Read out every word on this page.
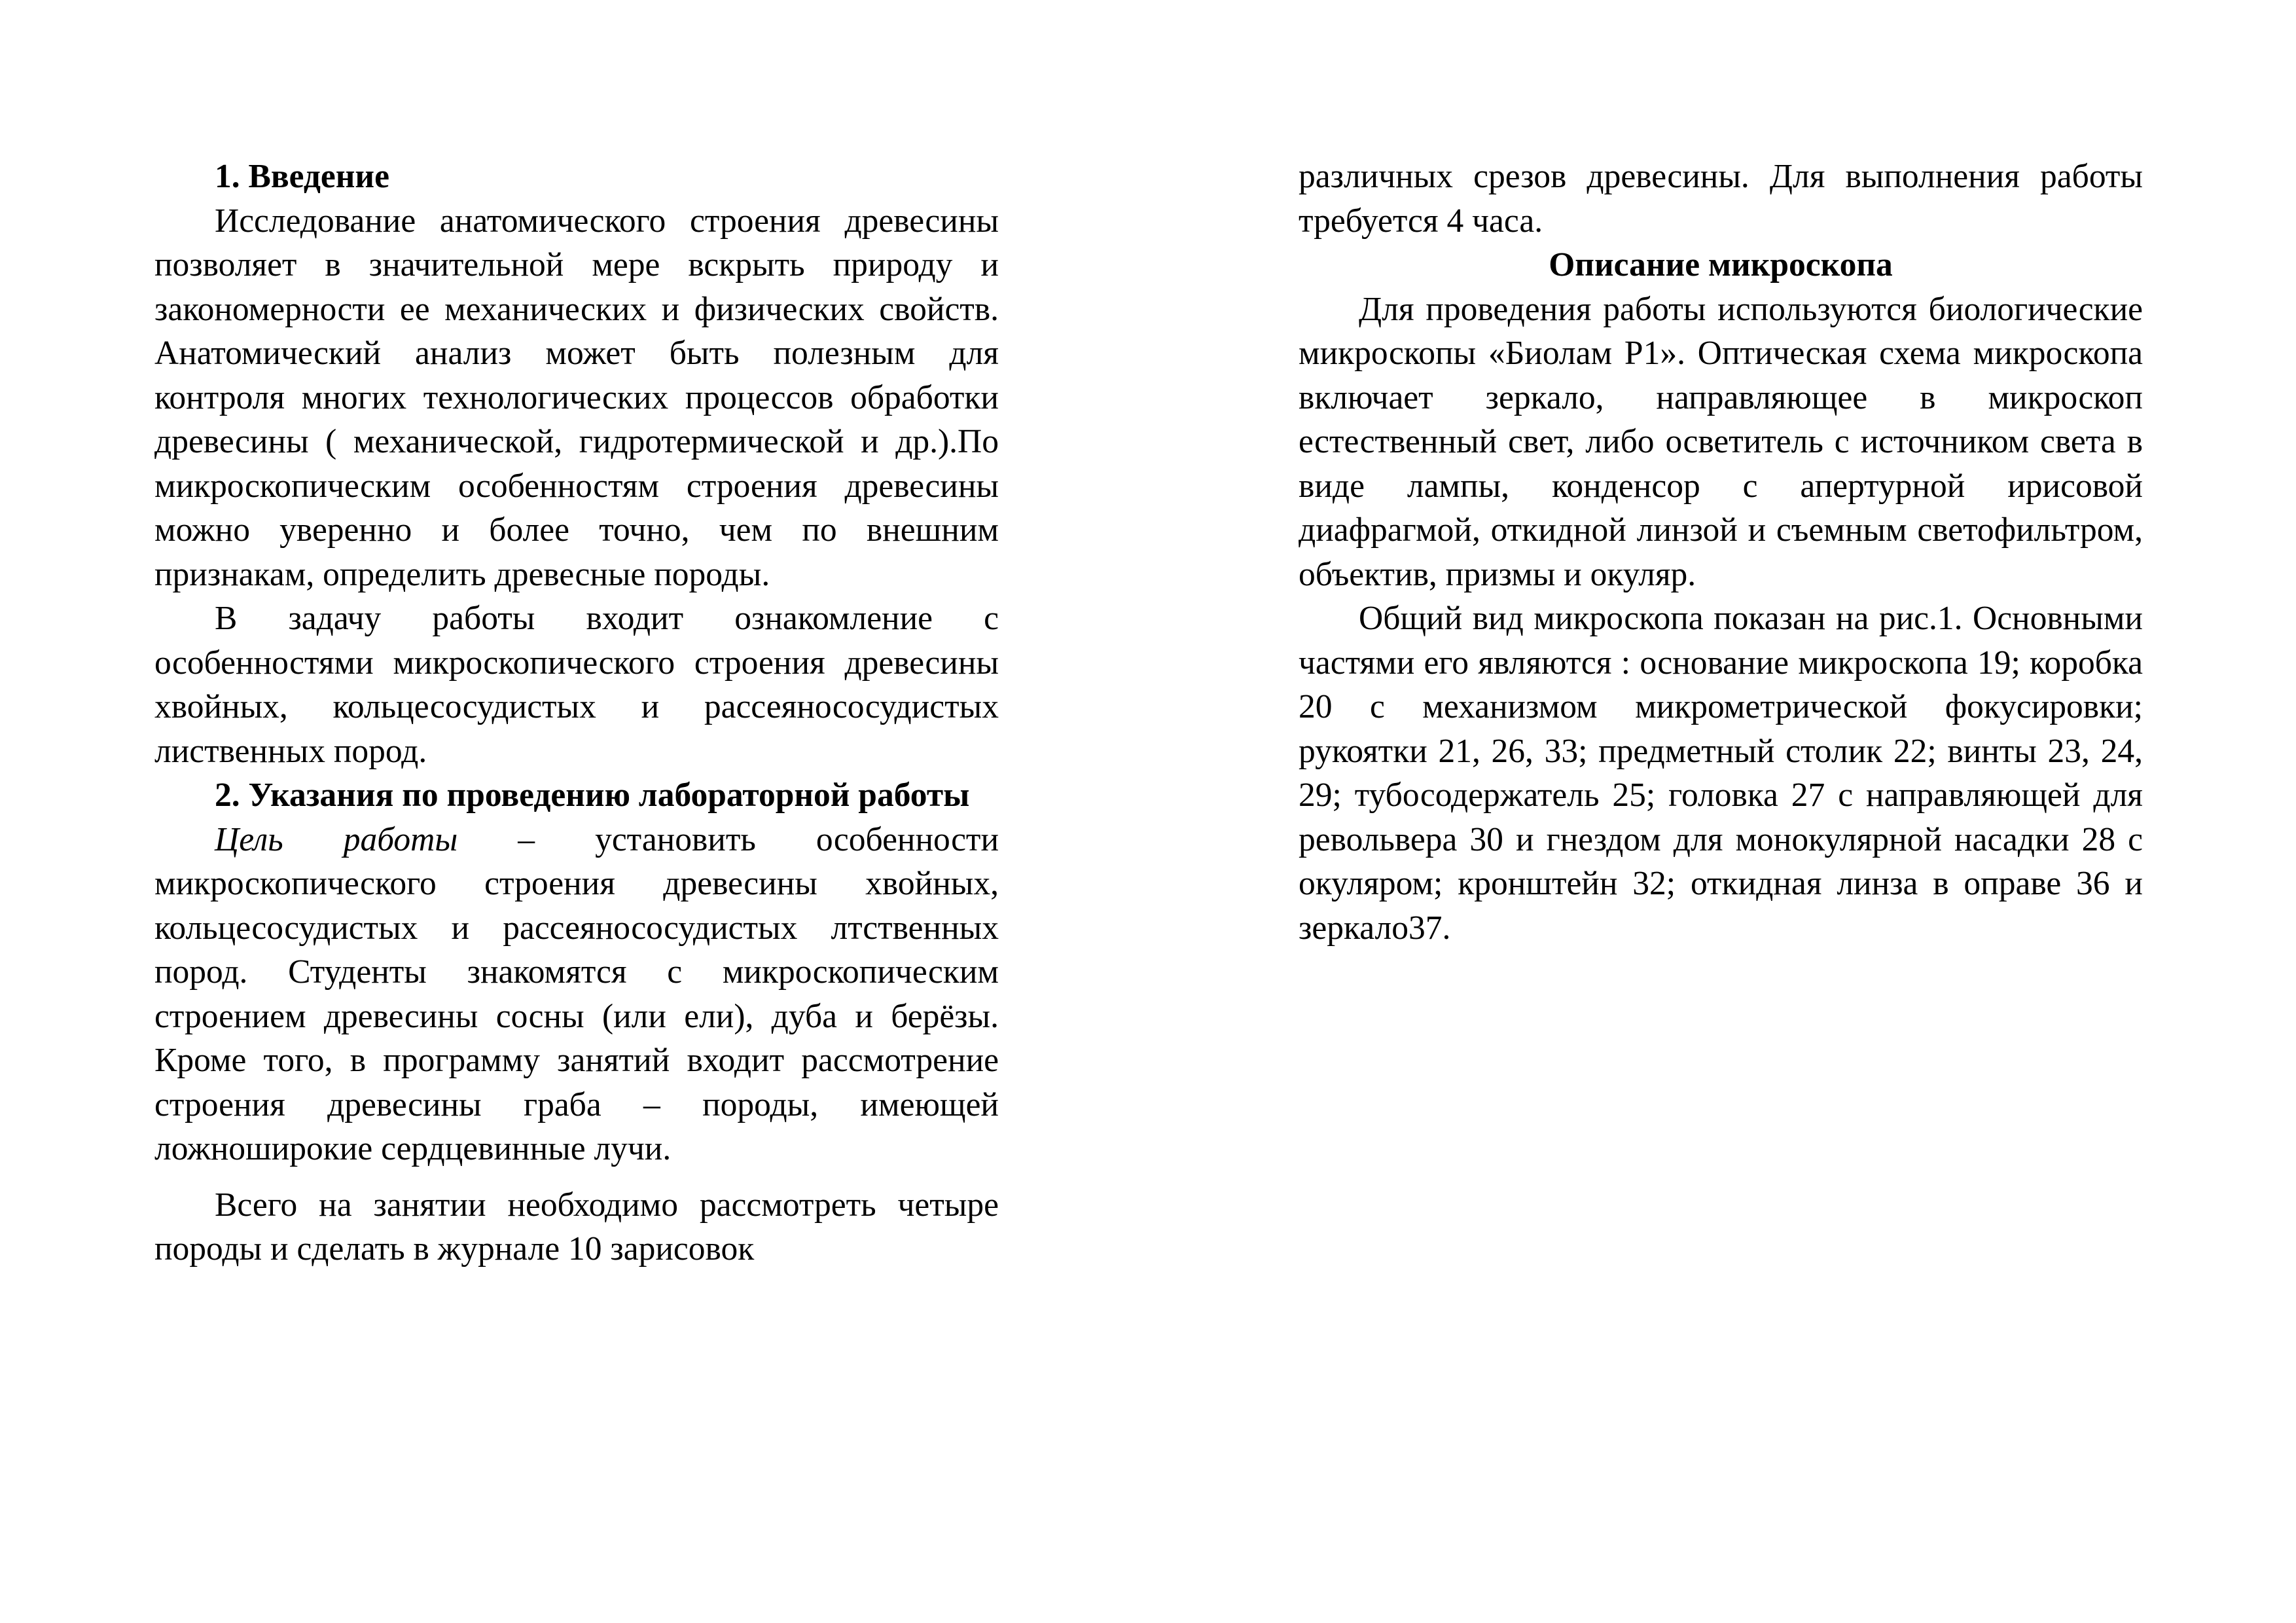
1. Введение

Исследование анатомического строения древесины позволяет в значительной мере вскрыть природу и закономерности ее механических и физических свойств. Анатомический анализ может быть полезным для контроля многих технологических процессов обработки древесины ( механической, гидротермической и др.).По микроскопическим особенностям строения древесины можно уверенно и более точно, чем по внешним признакам, определить древесные породы.

В задачу работы входит ознакомление с особенностями микроскопического строения древесины хвойных, кольцесосудистых и рассеянососудистых лиственных пород.

2. Указания по проведению лабораторной работы

Цель работы – установить особенности микроскопического строения древесины хвойных, кольцесосудистых и рассеянососудистых лтственных пород. Студенты знакомятся с микроскопическим строением древесины сосны (или ели), дуба и берёзы. Кроме того, в программу занятий входит рассмотрение строения древесины граба – породы, имеющей ложноширокие сердцевинные лучи.

Всего на занятии необходимо рассмотреть четыре породы и сделать в журнале 10 зарисовок

различных срезов древесины. Для выполнения работы требуется 4 часа.

Описание микроскопа

Для проведения работы используются биологические микроскопы «Биолам Р1». Оптическая схема микроскопа включает зеркало, направляющее в микроскоп естественный свет, либо осветитель с источником света в виде лампы, конденсор с апертурной ирисовой диафрагмой, откидной линзой и съемным светофильтром, объектив, призмы и окуляр.

Общий вид микроскопа показан на рис.1. Основными частями его являются : основание микроскопа 19; коробка 20 с механизмом микрометрической фокусировки; рукоятки 21, 26, 33; предметный столик 22; винты 23, 24, 29; тубосодержатель 25; головка 27 с направляющей для револьвера 30 и гнездом для монокулярной насадки 28 с окуляром; кронштейн 32; откидная линза в оправе 36 и зеркало37.
